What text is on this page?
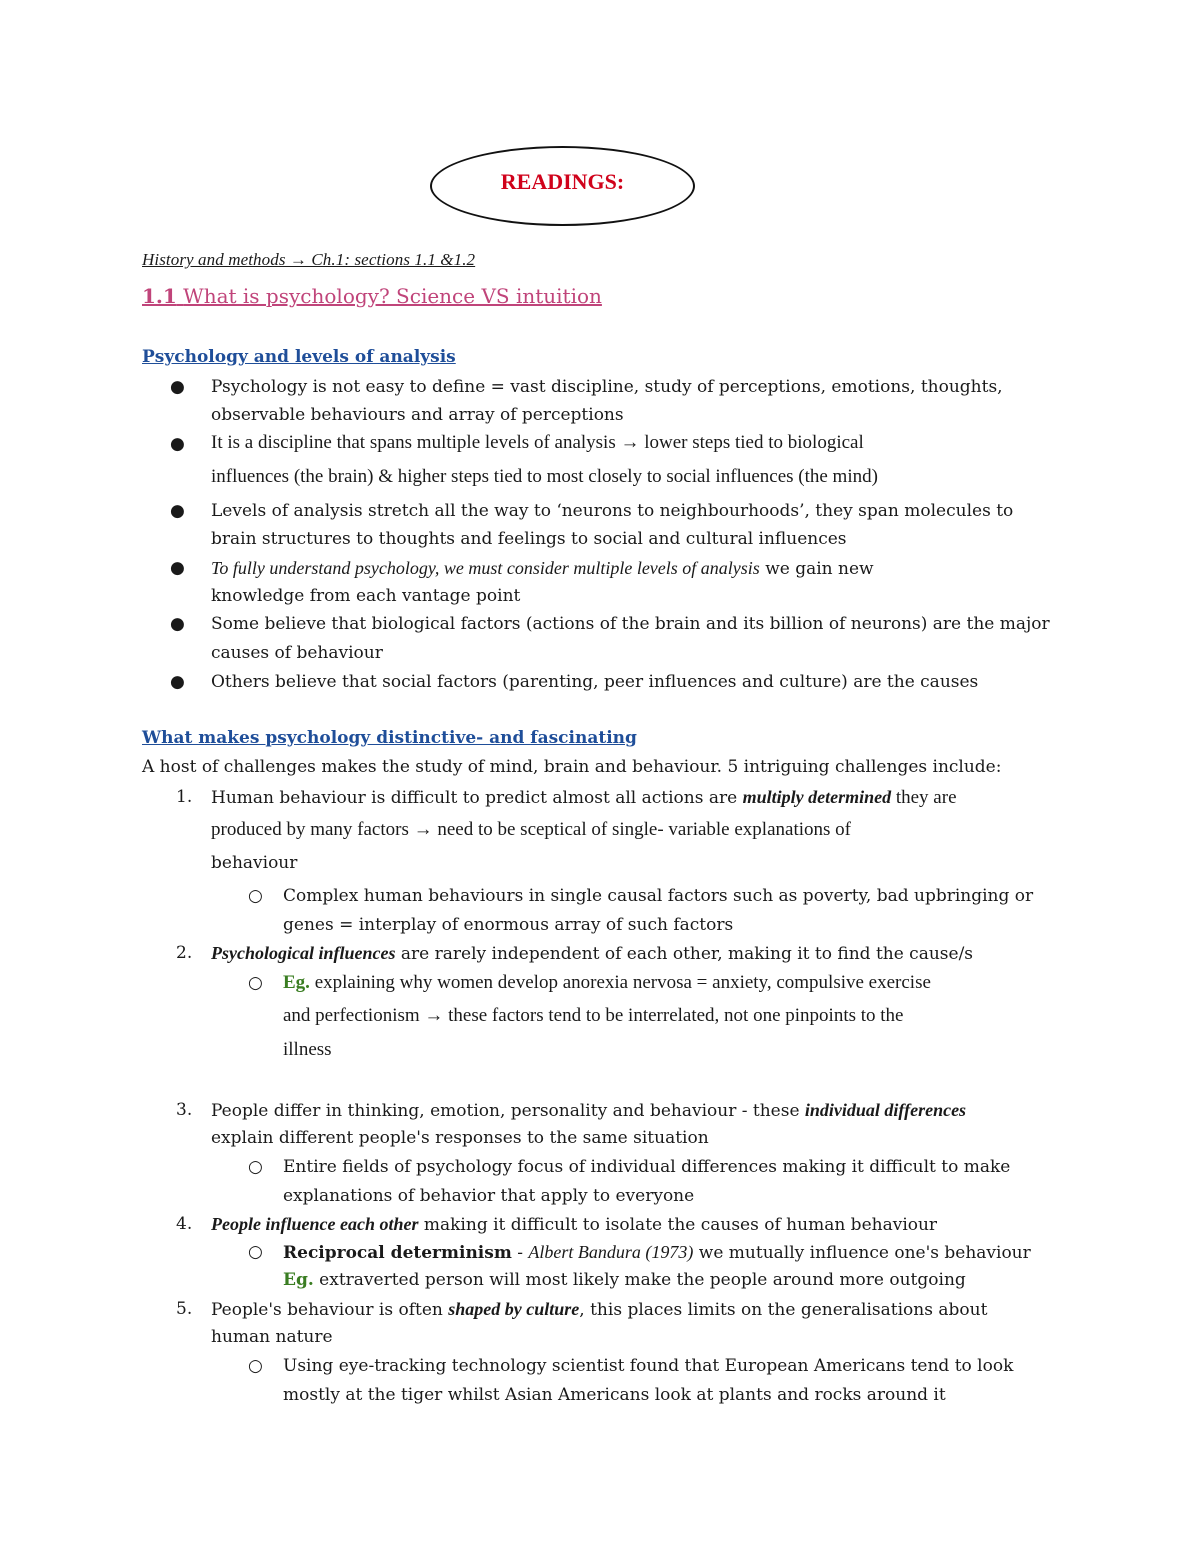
READINGS:
History and methods → Ch.1: sections 1.1 &1.2
1.1 What is psychology? Science VS intuition
Psychology and levels of analysis
● Psychology is not easy to define = vast discipline, study of perceptions, emotions, thoughts,
observable behaviours and array of perceptions
● It is a discipline that spans multiple levels of analysis → lower steps tied to biological
influences (the brain) & higher steps tied to most closely to social influences (the mind)
● Levels of analysis stretch all the way to ‘neurons to neighbourhoods’, they span molecules to
brain structures to thoughts and feelings to social and cultural influences
● To fully understand psychology, we must consider multiple levels of analysis we gain new
knowledge from each vantage point
● Some believe that biological factors (actions of the brain and its billion of neurons) are the major
causes of behaviour
● Others believe that social factors (parenting, peer influences and culture) are the causes
What makes psychology distinctive- and fascinating
A host of challenges makes the study of mind, brain and behaviour. 5 intriguing challenges include:
1. Human behaviour is difficult to predict almost all actions are multiply determined they are
produced by many factors → need to be sceptical of single- variable explanations of
behaviour
○ Complex human behaviours in single causal factors such as poverty, bad upbringing or
genes = interplay of enormous array of such factors
2. Psychological influences are rarely independent of each other, making it to find the cause/s
○ Eg. explaining why women develop anorexia nervosa = anxiety, compulsive exercise
and perfectionism → these factors tend to be interrelated, not one pinpoints to the
illness
3. People differ in thinking, emotion, personality and behaviour - these individual differences
explain different people's responses to the same situation
○ Entire fields of psychology focus of individual differences making it difficult to make
explanations of behavior that apply to everyone
4. People influence each other making it difficult to isolate the causes of human behaviour
○ Reciprocal determinism - Albert Bandura (1973) we mutually influence one's behaviour
Eg. extraverted person will most likely make the people around more outgoing
5. People's behaviour is often shaped by culture, this places limits on the generalisations about
human nature
○ Using eye-tracking technology scientist found that European Americans tend to look
mostly at the tiger whilst Asian Americans look at plants and rocks around it
